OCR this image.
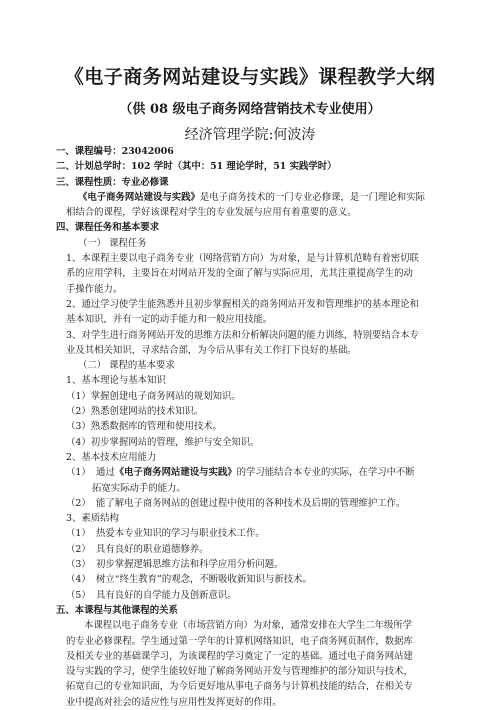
《电子商务网站建设与实践》课程教学大纲
（供 08 级电子商务网络营销技术专业使用）
经济管理学院:何波涛
一、课程编号：23042006
二、计划总学时：102 学时（其中：51 理论学时，51 实践学时）
三、课程性质：专业必修课
《电子商务网站建设与实践》是电子商务技术的一门专业必修课，是一门理论和实际
相结合的课程，学好该课程对学生的专业发展与应用有着重要的意义。
四、课程任务和基本要求
（一） 课程任务
1、本课程主要以电子商务专业（网络营销方向）为对象，是与计算机范畴有着密切联
系的应用学科，主要旨在对网站开发的全面了解与实际应用，尤其注重提高学生的动
手操作能力。
2、通过学习使学生能熟悉并且初步掌握相关的商务网站开发和管理维护的基本理论和
基本知识，并有一定的动手能力和一般应用技能。
3、对学生进行商务网站开发的思维方法和分析解决问题的能力训练，特别要结合本专
业及其相关知识，寻求结合部，为今后从事有关工作打下良好的基础。
（二） 课程的基本要求
1、基本理论与基本知识
（1）掌握创建电子商务网站的规划知识。
（2）熟悉创建网站的技术知识。
（3）熟悉数据库的管理和使用技术。
（4）初步掌握网站的管理，维护与安全知识。
2、基本技术应用能力
（1） 通过《电子商务网站建设与实践》的学习能结合本专业的实际，在学习中不断
拓宽实际动手的能力。
（2） 能了解电子商务网站的创建过程中使用的各种技术及后期的管理维护工作。
3、素质结构
（1） 热爱本专业知识的学习与职业技术工作。
（2） 具有良好的职业道德修养。
（3） 初步掌握逻辑思维方法和科学应用分析问题。
（4） 树立“终生教育”的观念，不断吸收新知识与新技术。
（5） 具有良好的自学能力及创新意识。
五、本课程与其他课程的关系
本课程以电子商务专业（市场营销方向）为对象，通常安排在大学生二年级所学
的专业必修课程。学生通过第一学年的计算机网络知识，电子商务网页制作，数据库
及相关专业的基础课学习，为该课程的学习奠定了一定的基础。通过电子商务网站建
设与实践的学习，使学生能较好地了解商务网站开发与管理维护的部分知识与技术，
拓宽自己的专业知识面，为今后更好地从事电子商务与计算机技能的结合，在相关专
业中提高对社会的适应性与应用性发挥更好的作用。
